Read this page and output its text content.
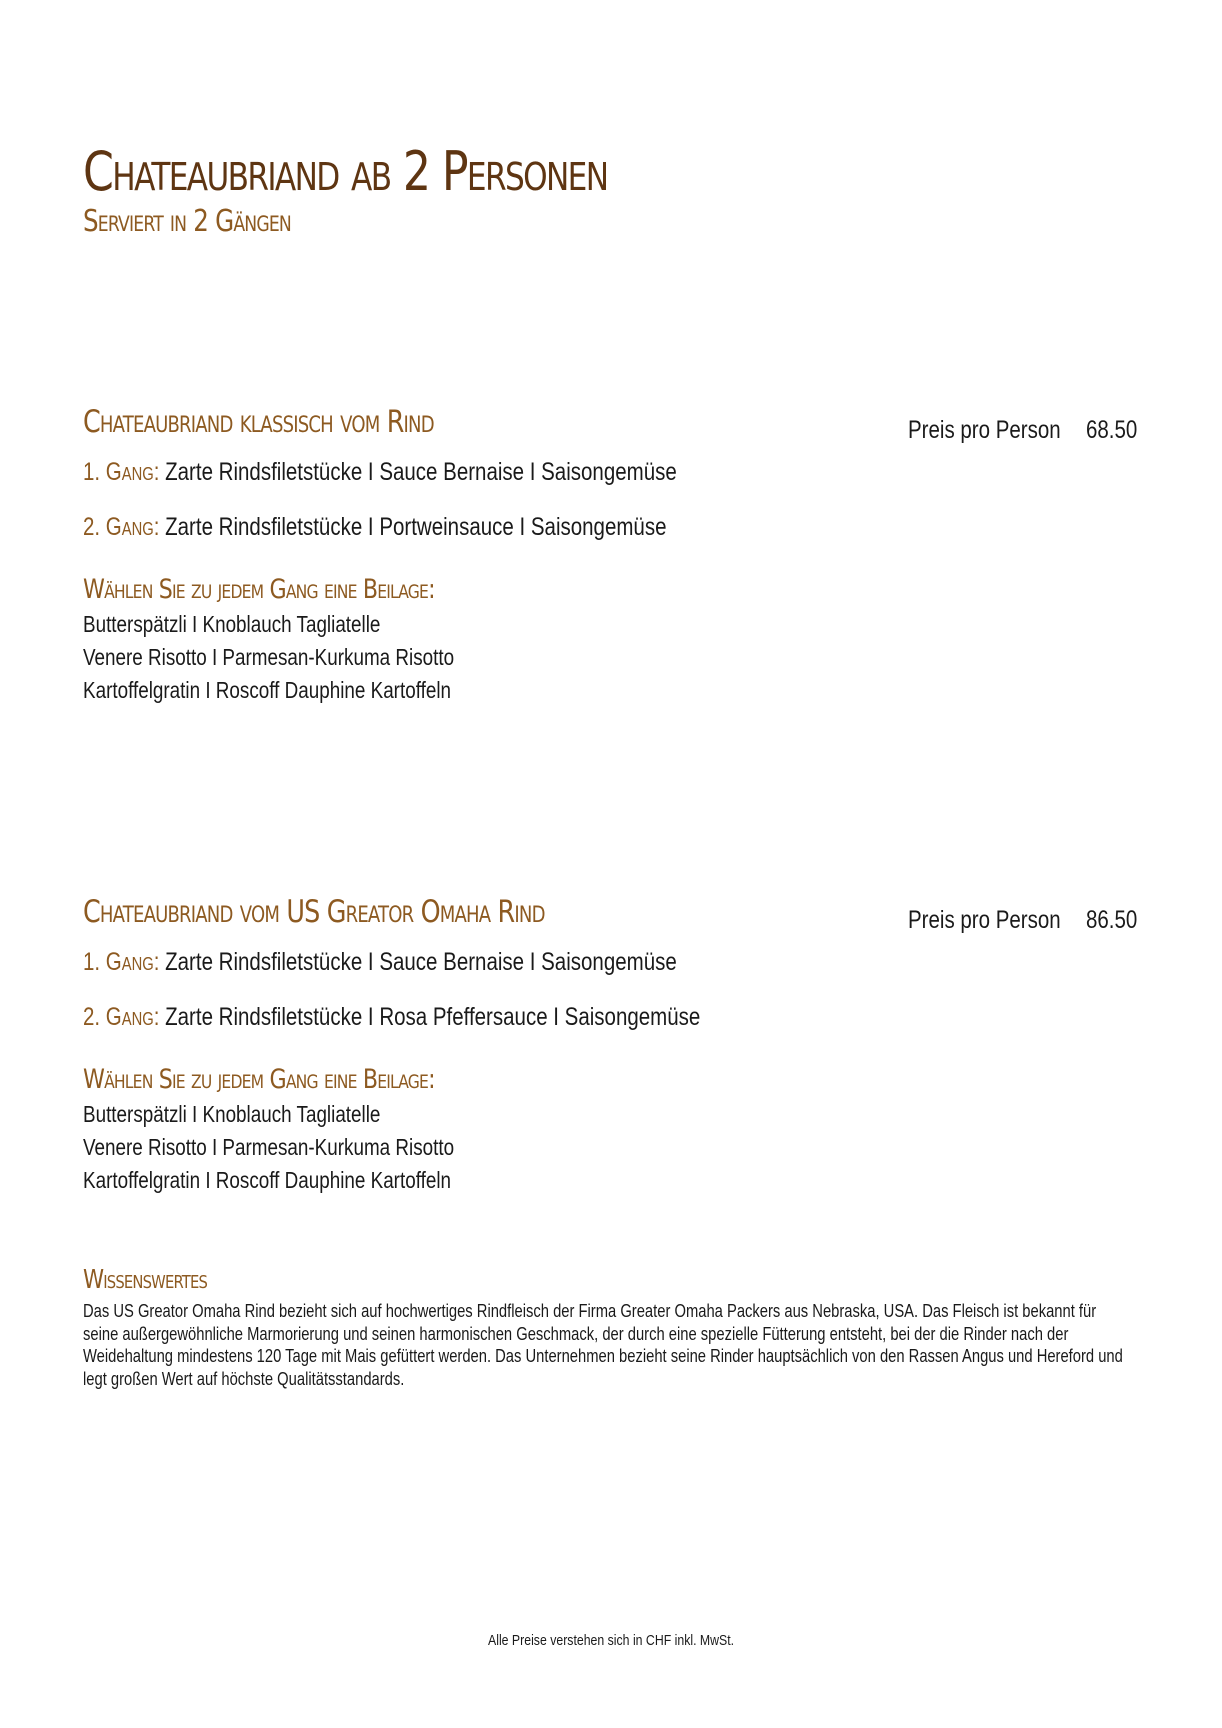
Chateaubriand ab 2 Personen
Serviert in 2 Gängen
Chateaubriand klassisch vom Rind	Preis pro Person 68.50
1. Gang: Zarte Rindsfiletstücke I Sauce Bernaise I Saisongemüse
2. Gang: Zarte Rindsfiletstücke I Portweinsauce I Saisongemüse
Wählen Sie zu jedem Gang eine Beilage:
Butterspätzli I Knoblauch Tagliatelle
Venere Risotto I Parmesan-Kurkuma Risotto
Kartoffelgratin I Roscoff Dauphine Kartoffeln
Chateaubriand vom US Greator Omaha Rind	Preis pro Person 86.50
1. Gang: Zarte Rindsfiletstücke I Sauce Bernaise I Saisongemüse
2. Gang: Zarte Rindsfiletstücke I Rosa Pfeffersauce I Saisongemüse
Wählen Sie zu jedem Gang eine Beilage:
Butterspätzli I Knoblauch Tagliatelle
Venere Risotto I Parmesan-Kurkuma Risotto
Kartoffelgratin I Roscoff Dauphine Kartoffeln
Wissenswertes
Das US Greator Omaha Rind bezieht sich auf hochwertiges Rindfleisch der Firma Greater Omaha Packers aus Nebraska, USA. Das Fleisch ist bekannt für seine außergewöhnliche Marmorierung und seinen harmonischen Geschmack, der durch eine spezielle Fütterung entsteht, bei der die Rinder nach der Weidehaltung mindestens 120 Tage mit Mais gefüttert werden. Das Unternehmen bezieht seine Rinder hauptsächlich von den Rassen Angus und Hereford und legt großen Wert auf höchste Qualitätsstandards.
Alle Preise verstehen sich in CHF inkl. MwSt.
